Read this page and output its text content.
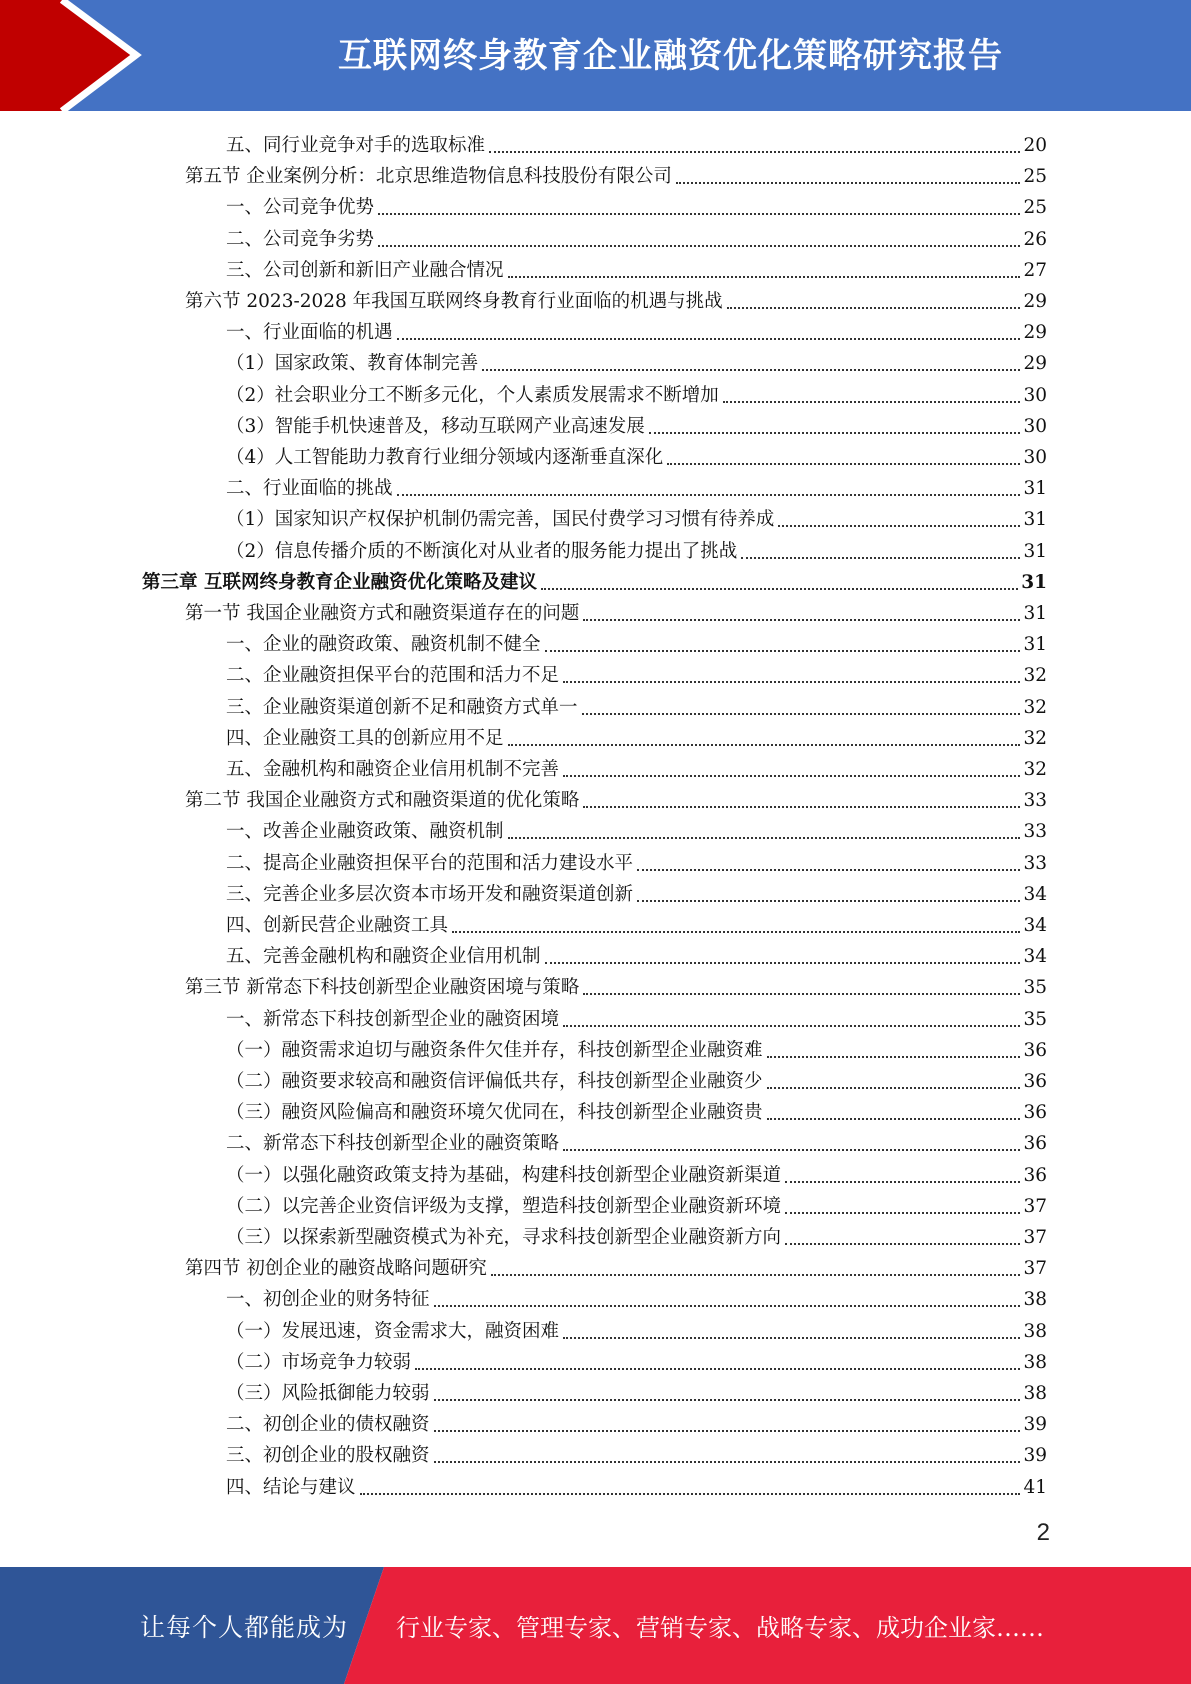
互联网终身教育企业融资优化策略研究报告
五、同行业竞争对手的选取标准	20
第五节 企业案例分析：北京思维造物信息科技股份有限公司	25
一、公司竞争优势	25
二、公司竞争劣势	26
三、公司创新和新旧产业融合情况	27
第六节 2023-2028 年我国互联网终身教育行业面临的机遇与挑战	29
一、行业面临的机遇	29
（1）国家政策、教育体制完善	29
（2）社会职业分工不断多元化，个人素质发展需求不断增加	30
（3）智能手机快速普及，移动互联网产业高速发展	30
（4）人工智能助力教育行业细分领域内逐渐垂直深化	30
二、行业面临的挑战	31
（1）国家知识产权保护机制仍需完善，国民付费学习习惯有待养成	31
（2）信息传播介质的不断演化对从业者的服务能力提出了挑战	31
第三章 互联网终身教育企业融资优化策略及建议	31
第一节 我国企业融资方式和融资渠道存在的问题	31
一、企业的融资政策、融资机制不健全	31
二、企业融资担保平台的范围和活力不足	32
三、企业融资渠道创新不足和融资方式单一	32
四、企业融资工具的创新应用不足	32
五、金融机构和融资企业信用机制不完善	32
第二节 我国企业融资方式和融资渠道的优化策略	33
一、改善企业融资政策、融资机制	33
二、提高企业融资担保平台的范围和活力建设水平	33
三、完善企业多层次资本市场开发和融资渠道创新	34
四、创新民营企业融资工具	34
五、完善金融机构和融资企业信用机制	34
第三节 新常态下科技创新型企业融资困境与策略	35
一、新常态下科技创新型企业的融资困境	35
（一）融资需求迫切与融资条件欠佳并存，科技创新型企业融资难	36
（二）融资要求较高和融资信评偏低共存，科技创新型企业融资少	36
（三）融资风险偏高和融资环境欠优同在，科技创新型企业融资贵	36
二、新常态下科技创新型企业的融资策略	36
（一）以强化融资政策支持为基础，构建科技创新型企业融资新渠道	36
（二）以完善企业资信评级为支撑，塑造科技创新型企业融资新环境	37
（三）以探索新型融资模式为补充，寻求科技创新型企业融资新方向	37
第四节 初创企业的融资战略问题研究	37
一、初创企业的财务特征	38
（一）发展迅速，资金需求大，融资困难	38
（二）市场竞争力较弱	38
（三）风险抵御能力较弱	38
二、初创企业的债权融资	39
三、初创企业的股权融资	39
四、结论与建议	41
2
让每个人都能成为 行业专家、管理专家、营销专家、战略专家、成功企业家……
